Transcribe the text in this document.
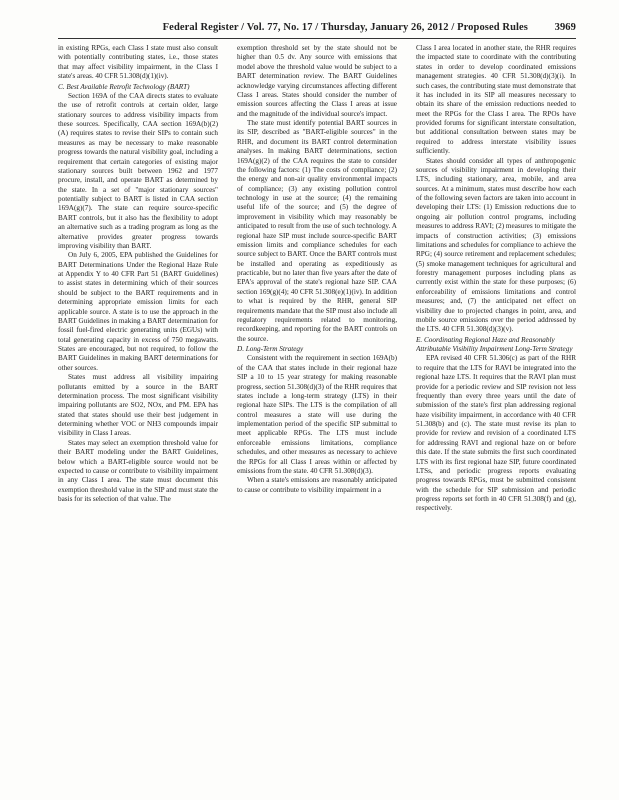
Federal Register / Vol. 77, No. 17 / Thursday, January 26, 2012 / Proposed Rules	3969

in existing RPGs, each Class I state must also consult with potentially contributing states, i.e., those states that may affect visibility impairment, in the Class I state's areas. 40 CFR 51.308(d)(1)(iv).

C. Best Available Retrofit Technology (BART)

Section 169A of the CAA directs states to evaluate the use of retrofit controls at certain older, large stationary sources to address visibility impacts from these sources. Specifically, CAA section 169A(b)(2)(A) requires states to revise their SIPs to contain such measures as may be necessary to make reasonable progress towards the natural visibility goal, including a requirement that certain categories of existing major stationary sources built between 1962 and 1977 procure, install, and operate BART as determined by the state. In a set of "major stationary sources" potentially subject to BART is listed in CAA section 169A(g)(7). The state can require source-specific BART controls, but it also has the flexibility to adopt an alternative such as a trading program as long as the alternative provides greater progress towards improving visibility than BART.

On July 6, 2005, EPA published the Guidelines for BART Determinations Under the Regional Haze Rule at Appendix Y to 40 CFR Part 51 (BART Guidelines) to assist states in determining which of their sources should be subject to the BART requirements and in determining appropriate emission limits for each applicable source. A state is to use the approach in the BART Guidelines in making a BART determination for fossil fuel-fired electric generating units (EGUs) with total generating capacity in excess of 750 megawatts. States are encouraged, but not required, to follow the BART Guidelines in making BART determinations for other sources.

States must address all visibility impairing pollutants emitted by a source in the BART determination process. The most significant visibility impairing pollutants are SO2, NOx, and PM. EPA has stated that states should use their best judgement in determining whether VOC or NH3 compounds impair visibility in Class I areas.

States may select an exemption threshold value for their BART modeling under the BART Guidelines, below which a BART-eligible source would not be expected to cause or contribute to visibility impairment in any Class I area. The state must document this exemption threshold value in the SIP and must state the basis for its selection of that value. The

exemption threshold set by the state should not be higher than 0.5 dv. Any source with emissions that model above the threshold value would be subject to a BART determination review. The BART Guidelines acknowledge varying circumstances affecting different Class I areas. States should consider the number of emission sources affecting the Class I areas at issue and the magnitude of the individual source's impact.

The state must identify potential BART sources in its SIP, described as "BART-eligible sources" in the RHR, and document its BART control determination analyses. In making BART determinations, section 169A(g)(2) of the CAA requires the state to consider the following factors: (1) The costs of compliance; (2) the energy and non-air quality environmental impacts of compliance; (3) any existing pollution control technology in use at the source; (4) the remaining useful life of the source; and (5) the degree of improvement in visibility which may reasonably be anticipated to result from the use of such technology. A regional haze SIP must include source-specific BART emission limits and compliance schedules for each source subject to BART. Once the BART controls must be installed and operating as expeditiously as practicable, but no later than five years after the date of EPA's approval of the state's regional haze SIP. CAA section 169(g)(4); 40 CFR 51.308(e)(1)(iv). In addition to what is required by the RHR, general SIP requirements mandate that the SIP must also include all regulatory requirements related to monitoring, recordkeeping, and reporting for the BART controls on the source.

D. Long-Term Strategy

Consistent with the requirement in section 169A(b) of the CAA that states include in their regional haze SIP a 10 to 15 year strategy for making reasonable progress, section 51.308(d)(3) of the RHR requires that states include a long-term strategy (LTS) in their regional haze SIPs. The LTS is the compilation of all control measures a state will use during the implementation period of the specific SIP submittal to meet applicable RPGs. The LTS must include enforceable emissions limitations, compliance schedules, and other measures as necessary to achieve the RPGs for all Class I areas within or affected by emissions from the state. 40 CFR 51.308(d)(3).

When a state's emissions are reasonably anticipated to cause or contribute to visibility impairment in a

Class I area located in another state, the RHR requires the impacted state to coordinate with the contributing states in order to develop coordinated emissions management strategies. 40 CFR 51.308(d)(3)(i). In such cases, the contributing state must demonstrate that it has included in its SIP all measures necessary to obtain its share of the emission reductions needed to meet the RPGs for the Class I area. The RPOs have provided forums for significant interstate consultation, but additional consultation between states may be required to address interstate visibility issues sufficiently.

States should consider all types of anthropogenic sources of visibility impairment in developing their LTS, including stationary, area, mobile, and area sources. At a minimum, states must describe how each of the following seven factors are taken into account in developing their LTS: (1) Emission reductions due to ongoing air pollution control programs, including measures to address RAVI; (2) measures to mitigate the impacts of construction activities; (3) emissions limitations and schedules for compliance to achieve the RPG; (4) source retirement and replacement schedules; (5) smoke management techniques for agricultural and forestry management purposes including plans as currently exist within the state for these purposes; (6) enforceability of emissions limitations and control measures; and, (7) the anticipated net effect on visibility due to projected changes in point, area, and mobile source emissions over the period addressed by the LTS. 40 CFR 51.308(d)(3)(v).

E. Coordinating Regional Haze and Reasonably Attributable Visibility Impairment Long-Term Strategy

EPA revised 40 CFR 51.306(c) as part of the RHR to require that the LTS for RAVI be integrated into the regional haze LTS. It requires that the RAVI plan must provide for a periodic review and SIP revision not less frequently than every three years until the date of submission of the state's first plan addressing regional haze visibility impairment, in accordance with 40 CFR 51.308(b) and (c). The state must revise its plan to provide for review and revision of a coordinated LTS for addressing RAVI and regional haze on or before this date. If the state submits the first such coordinated LTS with its first regional haze SIP, future coordinated LTSs, and periodic progress reports evaluating progress towards RPGs, must be submitted consistent with the schedule for SIP submission and periodic progress reports set forth in 40 CFR 51.308(f) and (g), respectively.
